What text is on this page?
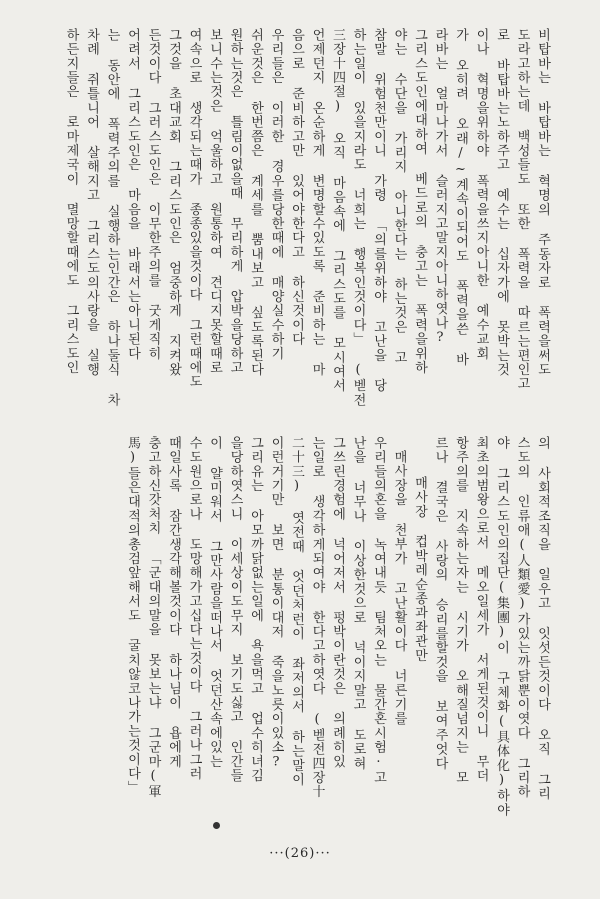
비탑바는 바탑바는 혁명의 주동자로 폭력을써도
도라고하는데 백성들도 또한 폭력을 따르는편인고
로 바탑바는노하주고 예수는 십자가에 못박는것
이나 혁명을위하야 폭력을쓰지아니한 예수교회
가 오히려 오래/~계속이되어도 폭력을쓴 바
라바는 얼마나가서 슬러지고말지아니하엿나?
그리스도인에대하여 베드로의 충고는 폭력을위하
야는 수단을 가리지 아니한다는 하는것은 고
참말 위험천만이니 가령 「의를위하야 고난을 당
하는일이 있을지라도 너희는 행복인것이다」 (벧전
三장十四절) 오직 마음속에 그리스도를 모시여서
언제던지 온순하게 변명할수있도록 준비하는 마
음으로 준비하고만 있어야한다고 하신것이다
우리들은 이러한 경우를당한때에 매양실수하기
쉬운것은 한번쯤은 계세를 뿜내보고 싶도록된다
원하는것은 틀림이없을때 무리하게 압박을당하고
보니수는것은 억울하고 원통하여 견디지못할때로
여속으로 생각되는때가 종종있을것이다 그런때에도
그것을 초대교회 그리스도인은 엄중하게 지켜왔
든것이다 그러스도인은 이무한주의를 굿게직히
어려서 그리스도인은 마음을 바래서는아니된다
는 동안에 폭력주의를 실행하는인간은 하나둘식 차
차례 쥐틀니어 살해지고 그리스도의사랑을 실행
하든지들은 로마제국이 멸망할때에도 그리스도인
의 사회적조직을 일우고 잇섯든것이다 오직 그리
스도의 인류애(人類愛)가있는까닭뿐이엿다 그리하
야 그리스도인의집단(集團)이 구체화(具体化)하야
최초의범왕으로서 메오일세가 서게된것이니 무더
항주의를 지속하는자는 시기가 오해질넘지는 모
르나 결국은 사랑의 승리를할것을 보여주엇다
매사장 컵박레순종과좌관만
매사장을 천부가 고난활이다 너른기를
우리들의혼을 녹여내듯 팀처오는 물간혼시험·고
난을 너무나 이상한것으로 넉이지말고 도로혀
그쓰린경험에 넉어저서 펑박이란것은 의례히있
는일로 생각하게되여야 한다고하엿다 (벧전四장十
二十三) 엿전때 엇던처런이 좌저의서 하는말이
이런거기만 보면 분통이대저 죽을노릇이있소?
그리유는 아모까닭없는일에 욕을먹고 업수히녀김
을당하엿스니 이세상이도무지 보기도싫고 인간들
이 얄미워서 그만사람을떠나서 엇던산속에있는
수도원으로나 도망해가고십다는것이다 그러나그러
때일사록 잠간생각해볼것이다 하나님이 욥에게
충고하신갓처치 「군대의말을 못보는냐 그군마(軍
馬)들은대적의총검앞해서도 굴치않코나가는것이다」
···(26)···
